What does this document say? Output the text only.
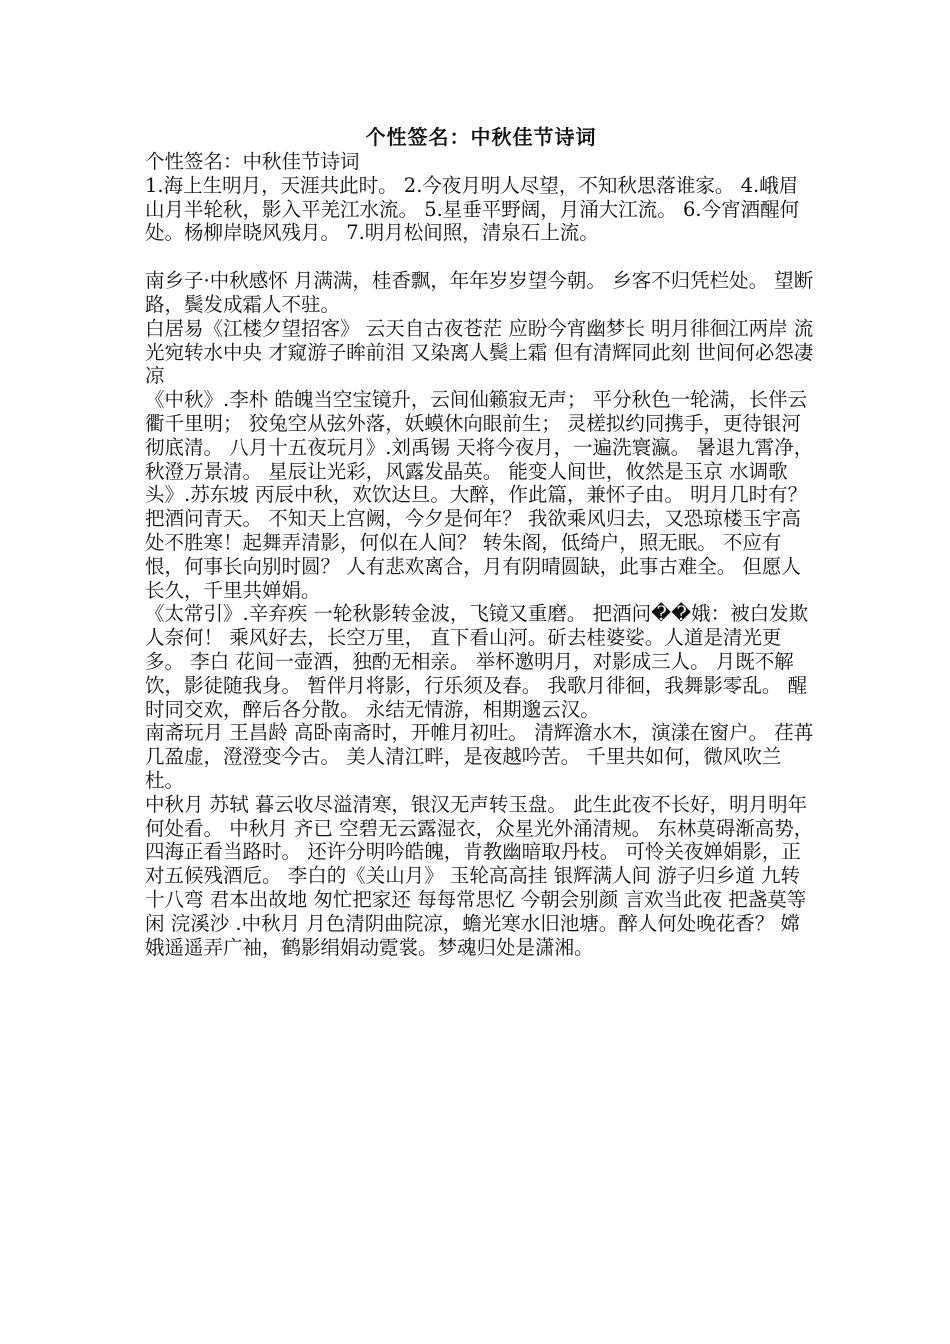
个性签名：中秋佳节诗词

个性签名：中秋佳节诗词

1.海上生明月，天涯共此时。 2.今夜月明人尽望，不知秋思落谁家。 4.峨眉山月半轮秋，影入平羌江水流。 5.星垂平野阔，月涌大江流。 6.今宵酒醒何处。杨柳岸晓风残月。 7.明月松间照，清泉石上流。

南乡子·中秋感怀 月满满，桂香飘，年年岁岁望今朝。 乡客不归凭栏处。 望断路，鬓发成霜人不驻。

白居易《江楼夕望招客》 云天自古夜苍茫 应盼今宵幽梦长 明月徘徊江两岸 流光宛转水中央 才窥游子眸前泪 又染离人鬓上霜 但有清辉同此刻 世间何必怨凄凉

《中秋》.李朴 皓魄当空宝镜升，云间仙籁寂无声； 平分秋色一轮满，长伴云衢千里明； 狡兔空从弦外落，妖蟆休向眼前生； 灵槎拟约同携手，更待银河彻底清。 八月十五夜玩月》.刘禹锡 天将今夜月，一遍洗寰瀛。 暑退九霄净，秋澄万景清。 星辰让光彩，风露发晶英。 能变人间世，攸然是玉京 水调歌头》.苏东坡 丙辰中秋，欢饮达旦。大醉，作此篇，兼怀子由。 明月几时有？把酒问青天。 不知天上宫阙，今夕是何年？ 我欲乘风归去，又恐琼楼玉宇高处不胜寒！起舞弄清影，何似在人间？ 转朱阁，低绮户，照无眠。 不应有恨，何事长向别时圆？ 人有悲欢离合，月有阴晴圆缺，此事古难全。 但愿人长久，千里共婵娟。

《太常引》.辛弃疾 一轮秋影转金波，飞镜又重磨。 把酒问��娥：被白发欺人奈何！ 乘风好去，长空万里， 直下看山河。斫去桂婆娑。人道是清光更多。 李白 花间一壶酒，独酌无相亲。 举杯邀明月，对影成三人。 月既不解饮，影徒随我身。 暂伴月将影，行乐须及春。 我歌月徘徊，我舞影零乱。 醒时同交欢，醉后各分散。 永结无情游，相期邈云汉。

南斋玩月 王昌龄 高卧南斋时，开帷月初吐。 清辉澹水木，演漾在窗户。 荏苒几盈虚，澄澄变今古。 美人清江畔，是夜越吟苦。 千里共如何，微风吹兰杜。

中秋月 苏轼 暮云收尽溢清寒，银汉无声转玉盘。 此生此夜不长好，明月明年何处看。 中秋月 齐已 空碧无云露湿衣，众星光外涌清规。 东林莫碍渐高势，四海正看当路时。 还许分明吟皓魄，肯教幽暗取丹枝。 可怜关夜婵娟影，正对五候残酒卮。 李白的《关山月》 玉轮高高挂 银辉满人间 游子归乡道 九转十八弯 君本出故地 匆忙把家还 每每常思忆 今朝会别颜 言欢当此夜 把盏莫等闲 浣溪沙 .中秋月 月色清阴曲院凉，蟾光寒水旧池塘。醉人何处晚花香？ 嫦娥遥遥弄广袖，鹤影绢娟动霓裳。梦魂归处是潇湘。
